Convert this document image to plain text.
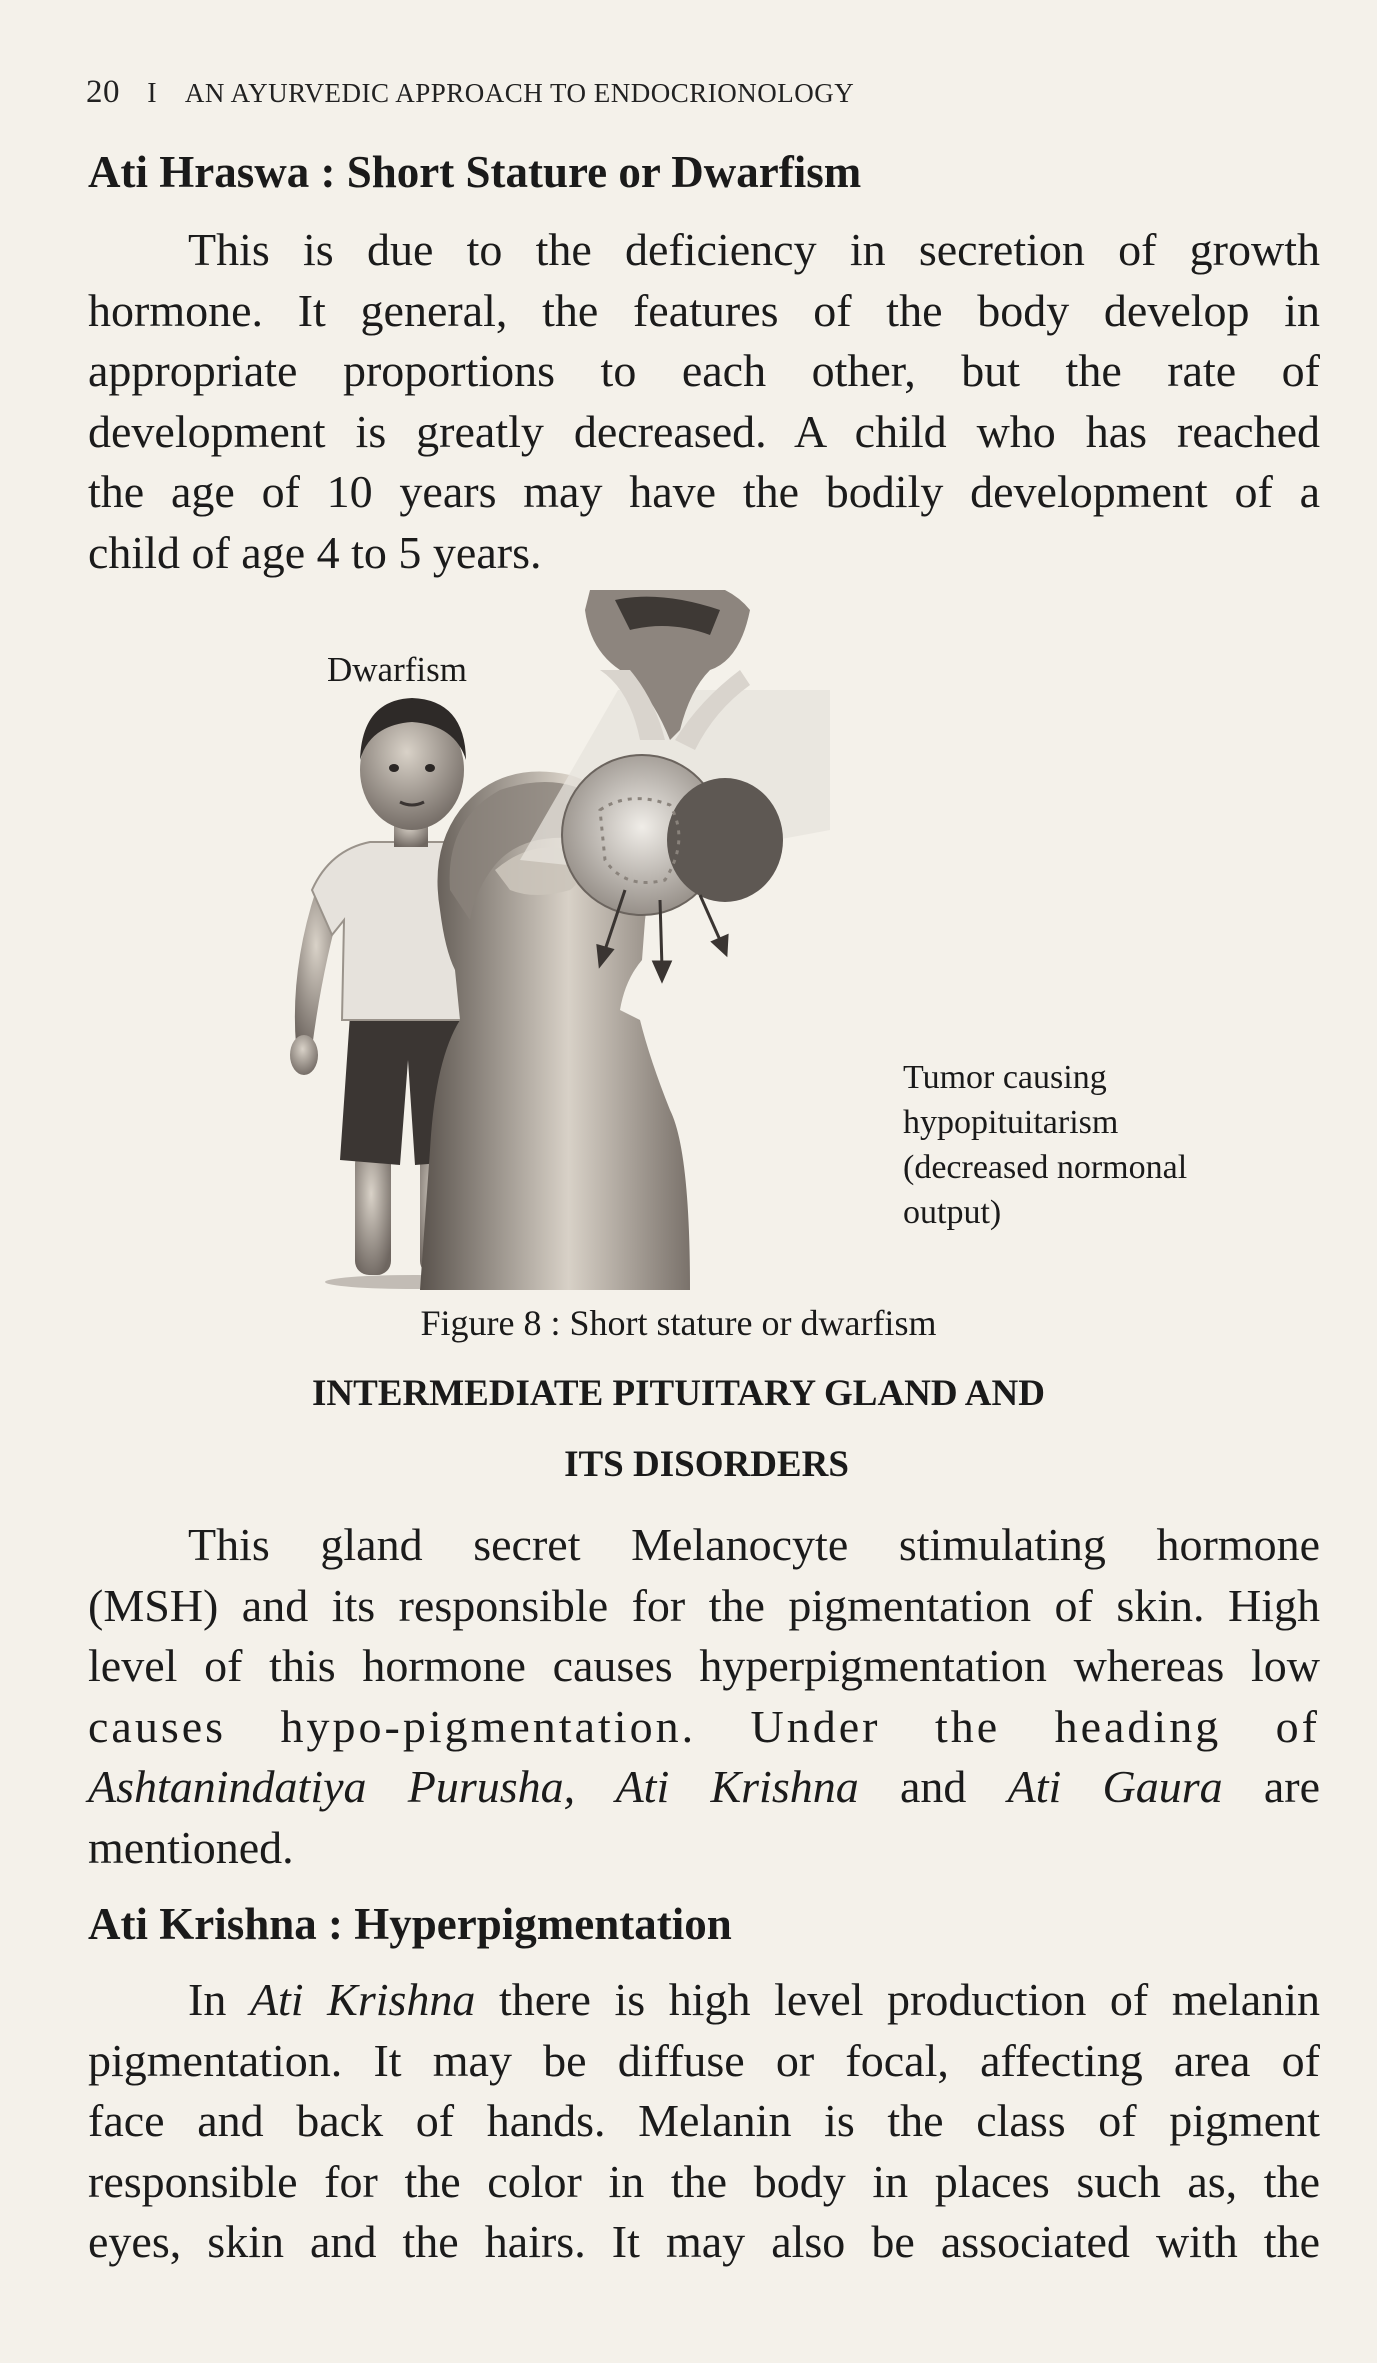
20 I AN AYURVEDIC APPROACH TO ENDOCRIONOLOGY
Ati Hraswa : Short Stature or Dwarfism

This is due to the deficiency in secretion of growth
hormone. It general, the features of the body develop in
appropriate proportions to each other, but the rate of
development is greatly decreased. A child who has reached
the age of 10 years may have the bodily development of a
child of age 4 to 5 years.

Dwarfism
Tumor causing
hypopituitarism
(decreased normonal
output)
Figure 8 : Short stature or dwarfism
INTERMEDIATE PITUITARY GLAND AND
ITS DISORDERS

This gland secret Melanocyte stimulating hormone
(MSH) and its responsible for the pigmentation of skin. High
level of this hormone causes hyperpigmentation whereas low
causes hypo-pigmentation. Under the heading of
Ashtanindatiya Purusha, Ati Krishna and Ati Gaura are
mentioned.

Ati Krishna : Hyperpigmentation

In Ati Krishna there is high level production of melanin
pigmentation. It may be diffuse or focal, affecting area of
face and back of hands. Melanin is the class of pigment
responsible for the color in the body in places such as, the
eyes, skin and the hairs. It may also be associated with the
